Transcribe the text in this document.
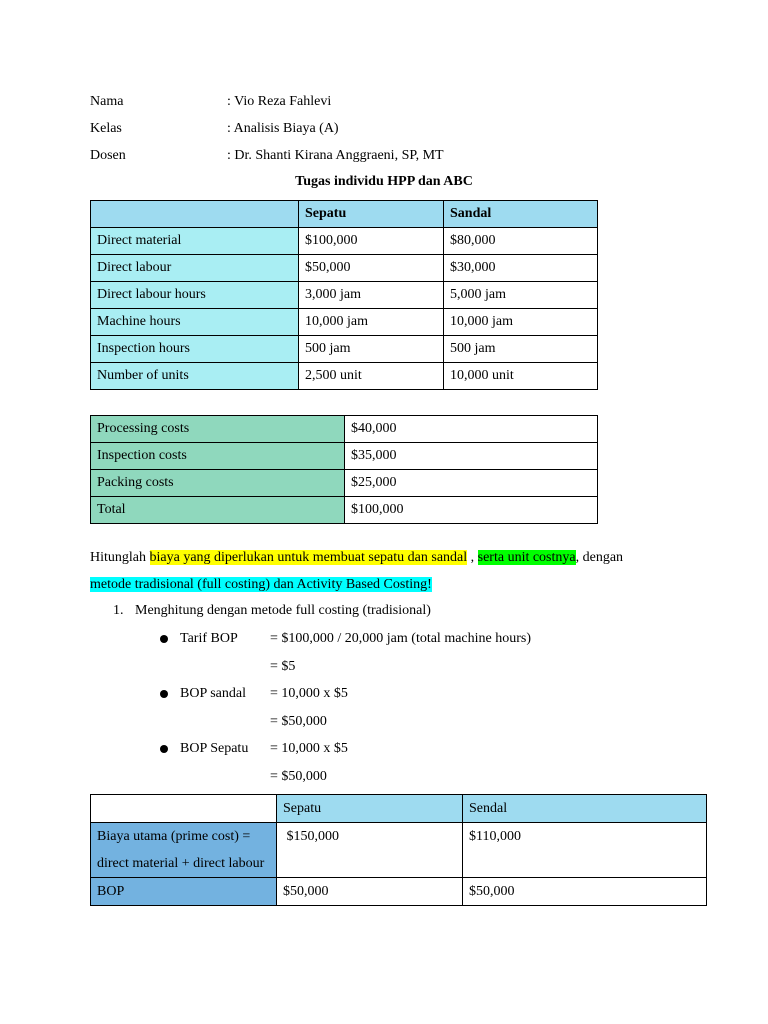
Nama	: Vio Reza Fahlevi
Kelas	: Analisis Biaya (A)
Dosen	: Dr. Shanti Kirana Anggraeni, SP, MT
Tugas individu HPP dan ABC
	Sepatu	Sandal
Direct material	$100,000	$80,000
Direct labour	$50,000	$30,000
Direct labour hours	3,000 jam	5,000 jam
Machine hours	10,000 jam	10,000 jam
Inspection hours	500 jam	500 jam
Number of units	2,500 unit	10,000 unit
Processing costs	$40,000
Inspection costs	$35,000
Packing costs	$25,000
Total	$100,000
Hitunglah biaya yang diperlukan untuk membuat sepatu dan sandal , serta unit costnya, dengan
metode tradisional (full costing) dan Activity Based Costing!
1. Menghitung dengan metode full costing (tradisional)
Tarif BOP = $100,000 / 20,000 jam (total machine hours)
= $5
BOP sandal = 10,000 x $5
= $50,000
BOP Sepatu = 10,000 x $5
= $50,000
	Sepatu	Sendal
Biaya utama (prime cost) = direct material + direct labour	$150,000	$110,000
BOP	$50,000	$50,000
